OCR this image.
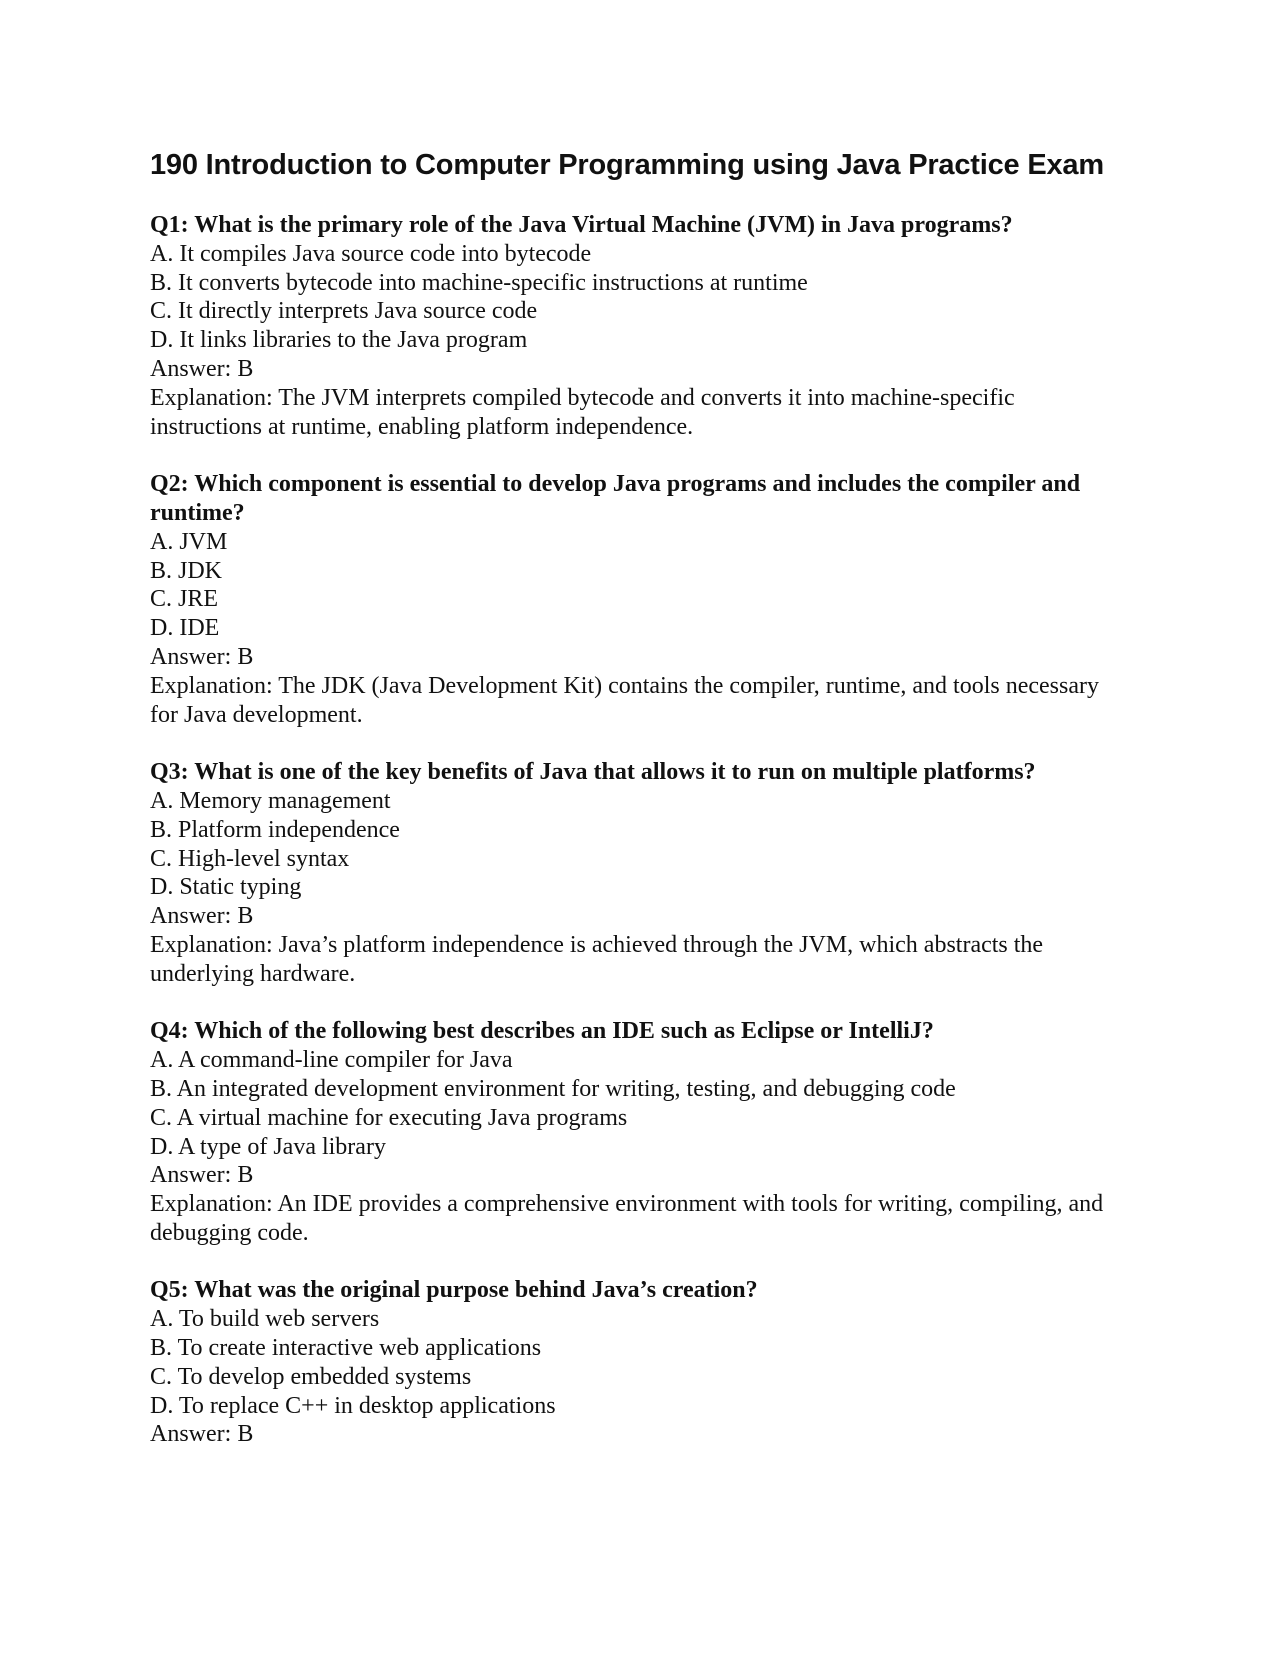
190 Introduction to Computer Programming using Java Practice Exam
Q1: What is the primary role of the Java Virtual Machine (JVM) in Java programs?
A. It compiles Java source code into bytecode
B. It converts bytecode into machine-specific instructions at runtime
C. It directly interprets Java source code
D. It links libraries to the Java program
Answer: B
Explanation: The JVM interprets compiled bytecode and converts it into machine-specific instructions at runtime, enabling platform independence.
Q2: Which component is essential to develop Java programs and includes the compiler and runtime?
A. JVM
B. JDK
C. JRE
D. IDE
Answer: B
Explanation: The JDK (Java Development Kit) contains the compiler, runtime, and tools necessary for Java development.
Q3: What is one of the key benefits of Java that allows it to run on multiple platforms?
A. Memory management
B. Platform independence
C. High-level syntax
D. Static typing
Answer: B
Explanation: Java’s platform independence is achieved through the JVM, which abstracts the underlying hardware.
Q4: Which of the following best describes an IDE such as Eclipse or IntelliJ?
A. A command-line compiler for Java
B. An integrated development environment for writing, testing, and debugging code
C. A virtual machine for executing Java programs
D. A type of Java library
Answer: B
Explanation: An IDE provides a comprehensive environment with tools for writing, compiling, and debugging code.
Q5: What was the original purpose behind Java’s creation?
A. To build web servers
B. To create interactive web applications
C. To develop embedded systems
D. To replace C++ in desktop applications
Answer: B
